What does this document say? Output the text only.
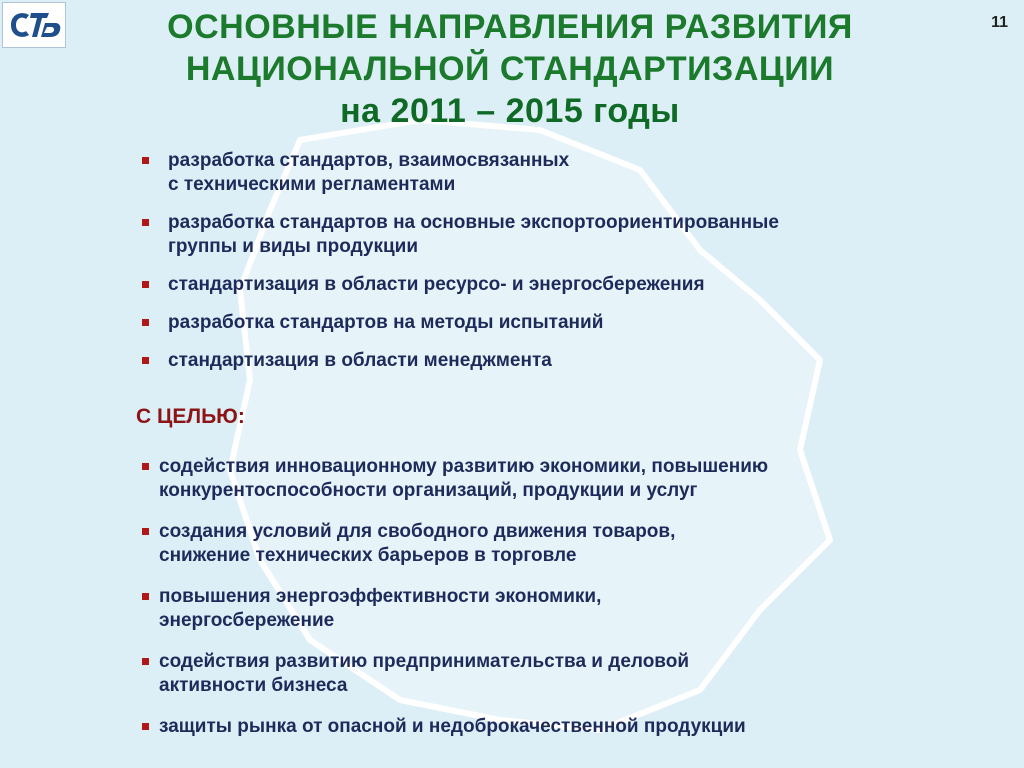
11
ОСНОВНЫЕ НАПРАВЛЕНИЯ РАЗВИТИЯ
НАЦИОНАЛЬНОЙ СТАНДАРТИЗАЦИИ
на 2011 – 2015 годы
разработка стандартов, взаимосвязанных
с техническими регламентами
разработка стандартов на основные экспортоориентированные
группы и виды продукции
стандартизация в области ресурсо- и энергосбережения
разработка стандартов на методы испытаний
стандартизация в области менеджмента
С ЦЕЛЬЮ:
содействия инновационному развитию экономики, повышению
конкурентоспособности организаций, продукции и услуг
создания условий для свободного движения товаров,
снижение технических барьеров в торговле
повышения энергоэффективности экономики,
энергосбережение
содействия развитию предпринимательства и деловой
активности бизнеса
защиты рынка от опасной и недоброкачественной продукции
